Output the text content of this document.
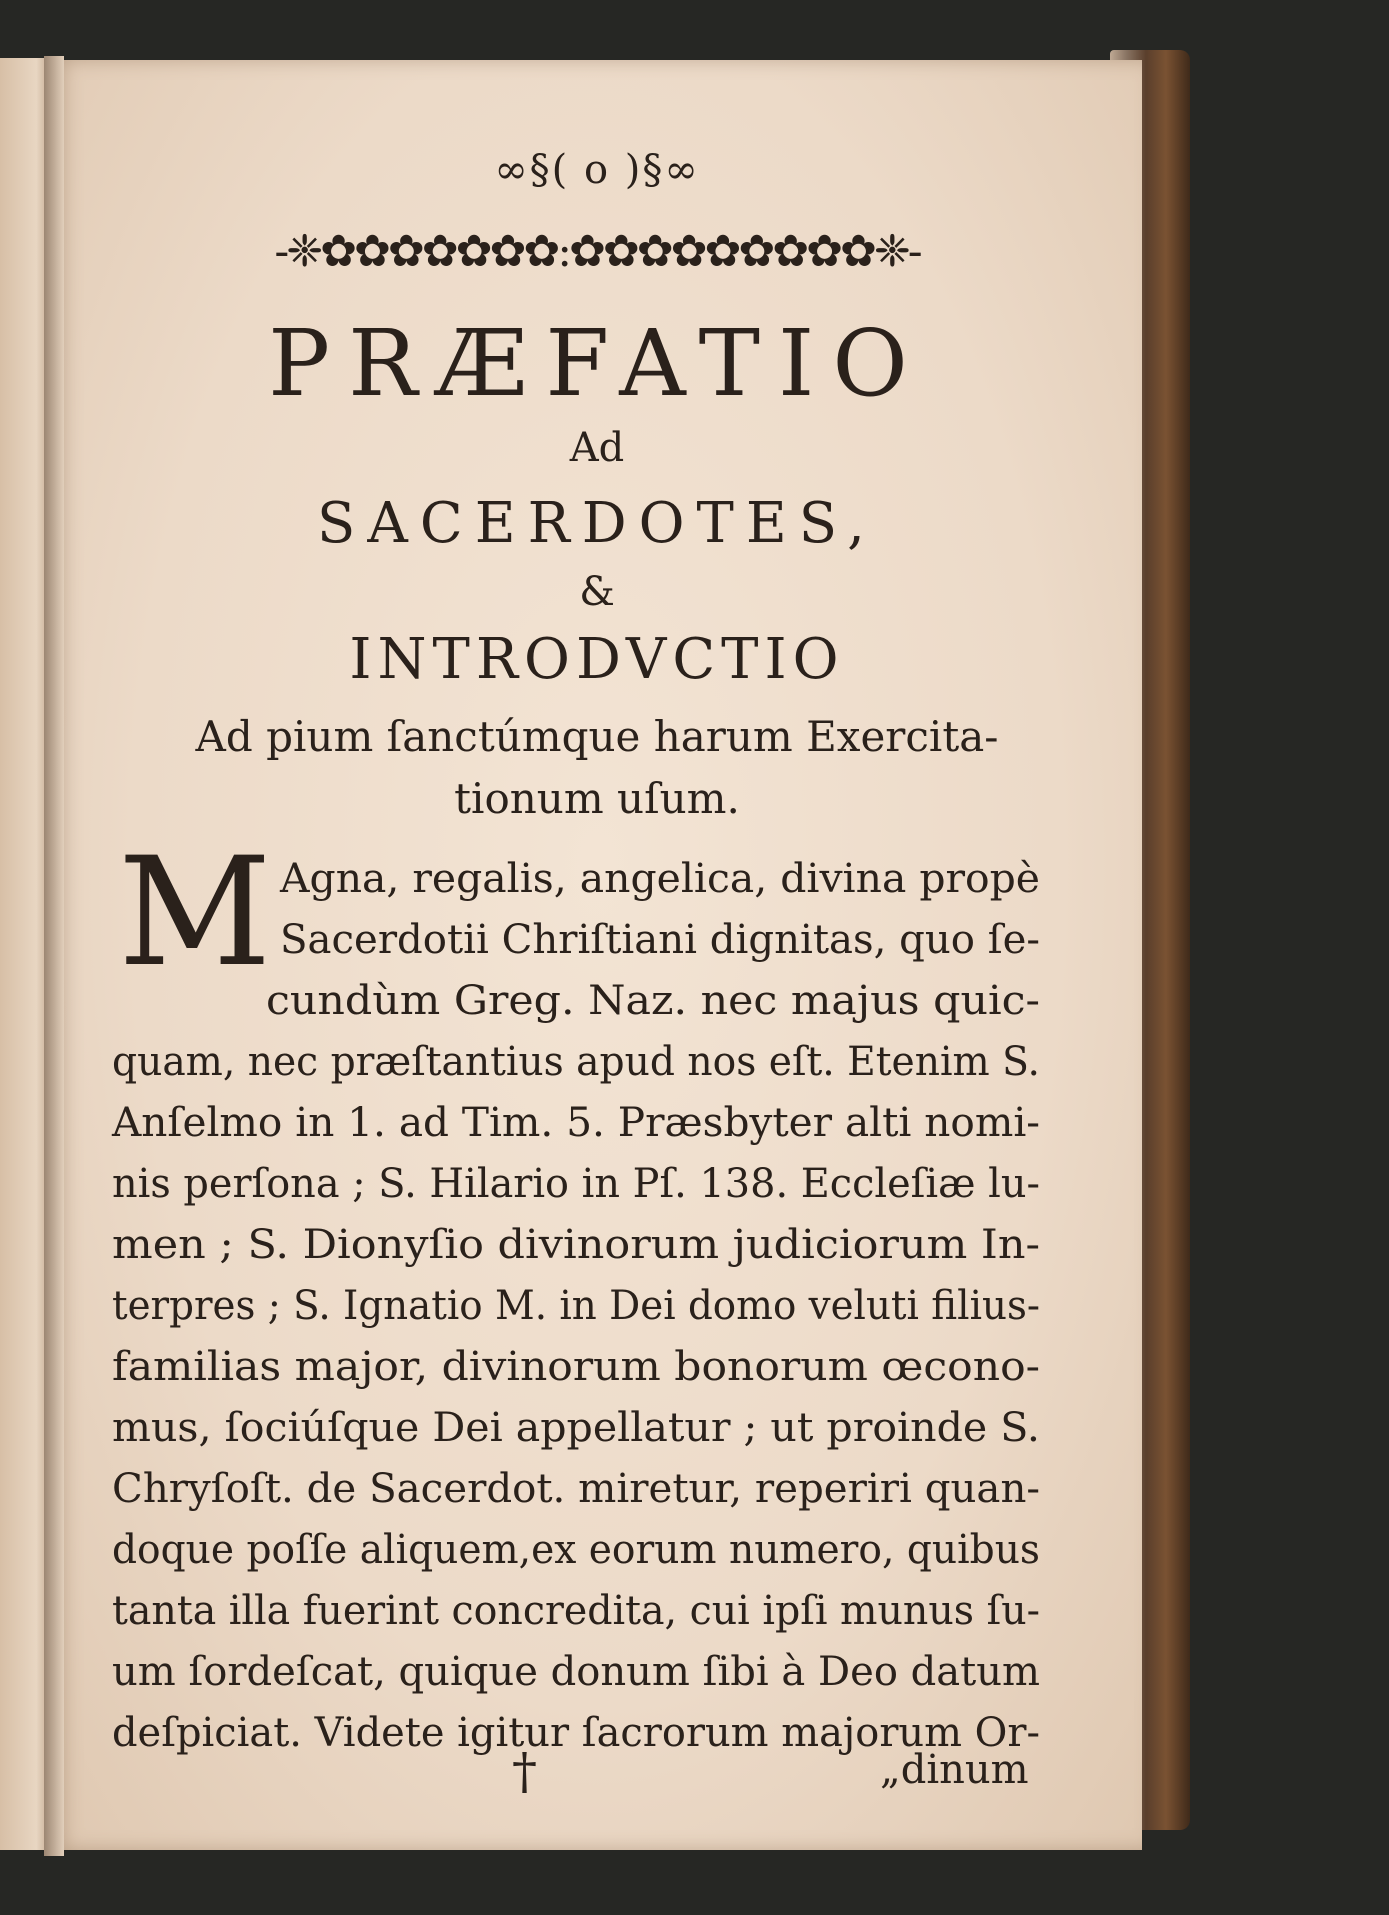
∞§( o )§∞
-❈✿✿✿✿✿✿✿:✿✿✿✿✿✿✿✿✿❈-
PRÆFATIO
Ad
SACERDOTES,
&
INTRODVCTIO
Ad pium ſanctúmque harum Exercita-
tionum uſum.
M Agna, regalis, angelica, divina propè
Sacerdotii Chriſtiani dignitas, quo ſe-
cundùm Greg. Naz. nec majus quic-
quam, nec præſtantius apud nos eſt. Etenim S.
Anſelmo in 1. ad Tim. 5. Præsbyter alti nomi-
nis perſona ; S. Hilario in Pſ. 138. Eccleſiæ lu-
men ; S. Dionyſio divinorum judiciorum In-
terpres ; S. Ignatio M. in Dei domo veluti filius-
familias major, divinorum bonorum œcono-
mus, ſociúſque Dei appellatur ; ut proinde S.
Chryſoſt. de Sacerdot. miretur, reperiri quan-
doque poſſe aliquem,ex eorum numero, quibus
tanta illa fuerint concredita, cui ipſi munus ſu-
um ſordeſcat, quique donum ſibi à Deo datum
deſpiciat. Videte igitur ſacrorum majorum Or-
†	„dinum
